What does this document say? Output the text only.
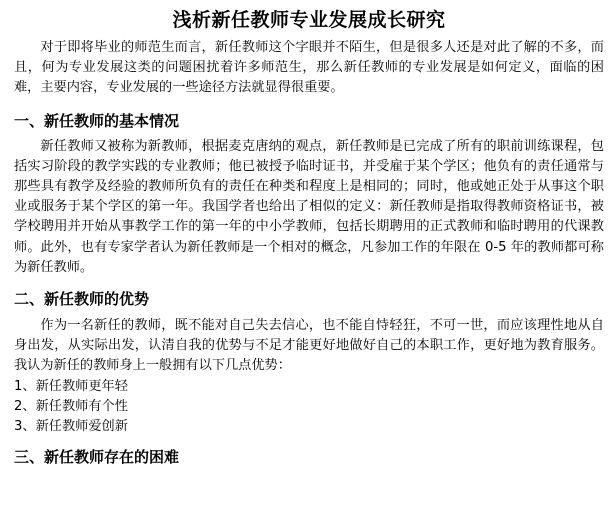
浅析新任教师专业发展成长研究

对于即将毕业的师范生而言，新任教师这个字眼并不陌生，但是很多人还是对此了解的不多，而且，何为专业发展这类的问题困扰着许多师范生，那么新任教师的专业发展是如何定义，面临的困难，主要内容，专业发展的一些途径方法就显得很重要。

一、新任教师的基本情况

新任教师又被称为新教师，根据麦克唐纳的观点，新任教师是已完成了所有的职前训练课程，包括实习阶段的教学实践的专业教师；他已被授予临时证书，并受雇于某个学区；他负有的责任通常与那些具有教学及经验的教师所负有的责任在种类和程度上是相同的；同时，他或她正处于从事这个职业或服务于某个学区的第一年。我国学者也给出了相似的定义：新任教师是指取得教师资格证书，被学校聘用并开始从事教学工作的第一年的中小学教师，包括长期聘用的正式教师和临时聘用的代课教师。此外，也有专家学者认为新任教师是一个相对的概念，凡参加工作的年限在 0-5 年的教师都可称为新任教师。

二、新任教师的优势

作为一名新任的教师，既不能对自己失去信心，也不能自恃轻狂，不可一世，而应该理性地从自身出发，从实际出发，认清自我的优势与不足才能更好地做好自己的本职工作，更好地为教育服务。我认为新任的教师身上一般拥有以下几点优势：

1、新任教师更年轻
2、新任教师有个性
3、新任教师爱创新
三、新任教师存在的困难
